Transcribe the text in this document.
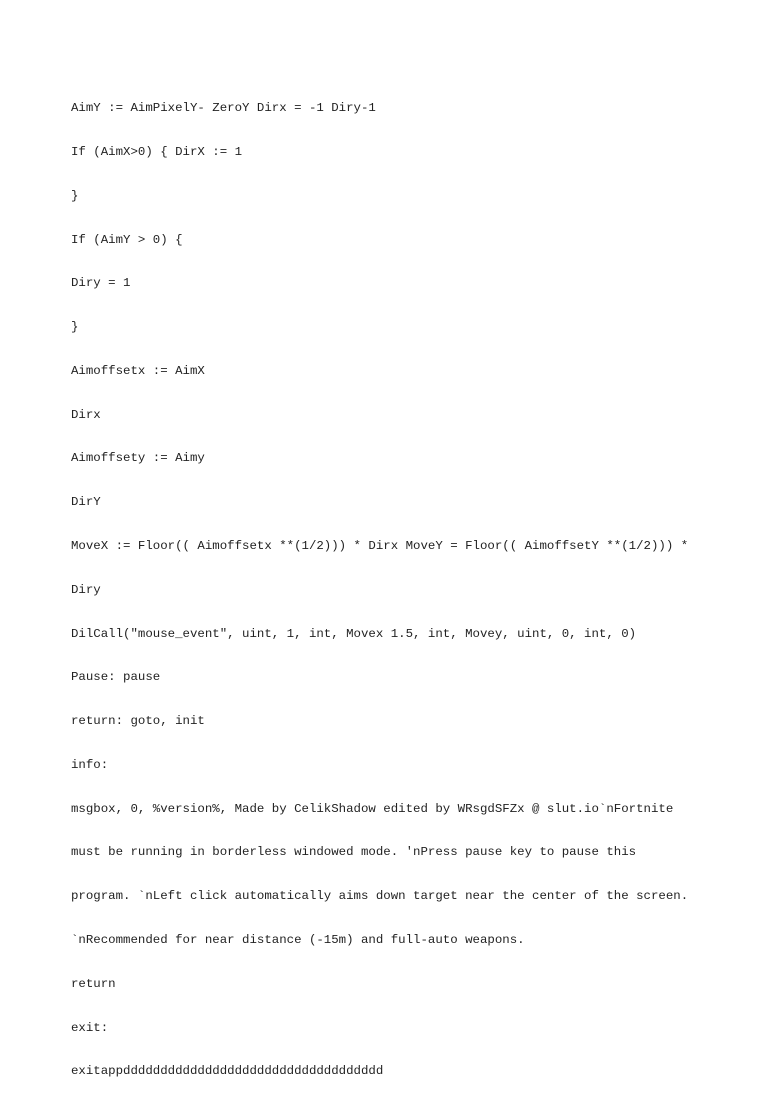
AimY := AimPixelY- ZeroY Dirx = -1 Diry-1

If (AimX>0) { DirX := 1

}

If (AimY > 0) {

Diry = 1

}

Aimoffsetx := AimX

Dirx

Aimoffsety := Aimy

DirY

MoveX := Floor(( Aimoffsetx **(1/2))) * Dirx MoveY = Floor(( AimoffsetY **(1/2))) *

Diry

DilCall("mouse_event", uint, 1, int, Movex 1.5, int, Movey, uint, 0, int, 0)

Pause: pause

return: goto, init

info:

msgbox, 0, %version%, Made by CelikShadow edited by WRsgdSFZx @ slut.io`nFortnite

must be running in borderless windowed mode. 'nPress pause key to pause this

program. `nLeft click automatically aims down target near the center of the screen.

`nRecommended for near distance (-15m) and full-auto weapons.

return

exit:

exitappddddddddddddddddddddddddddddddddddd
